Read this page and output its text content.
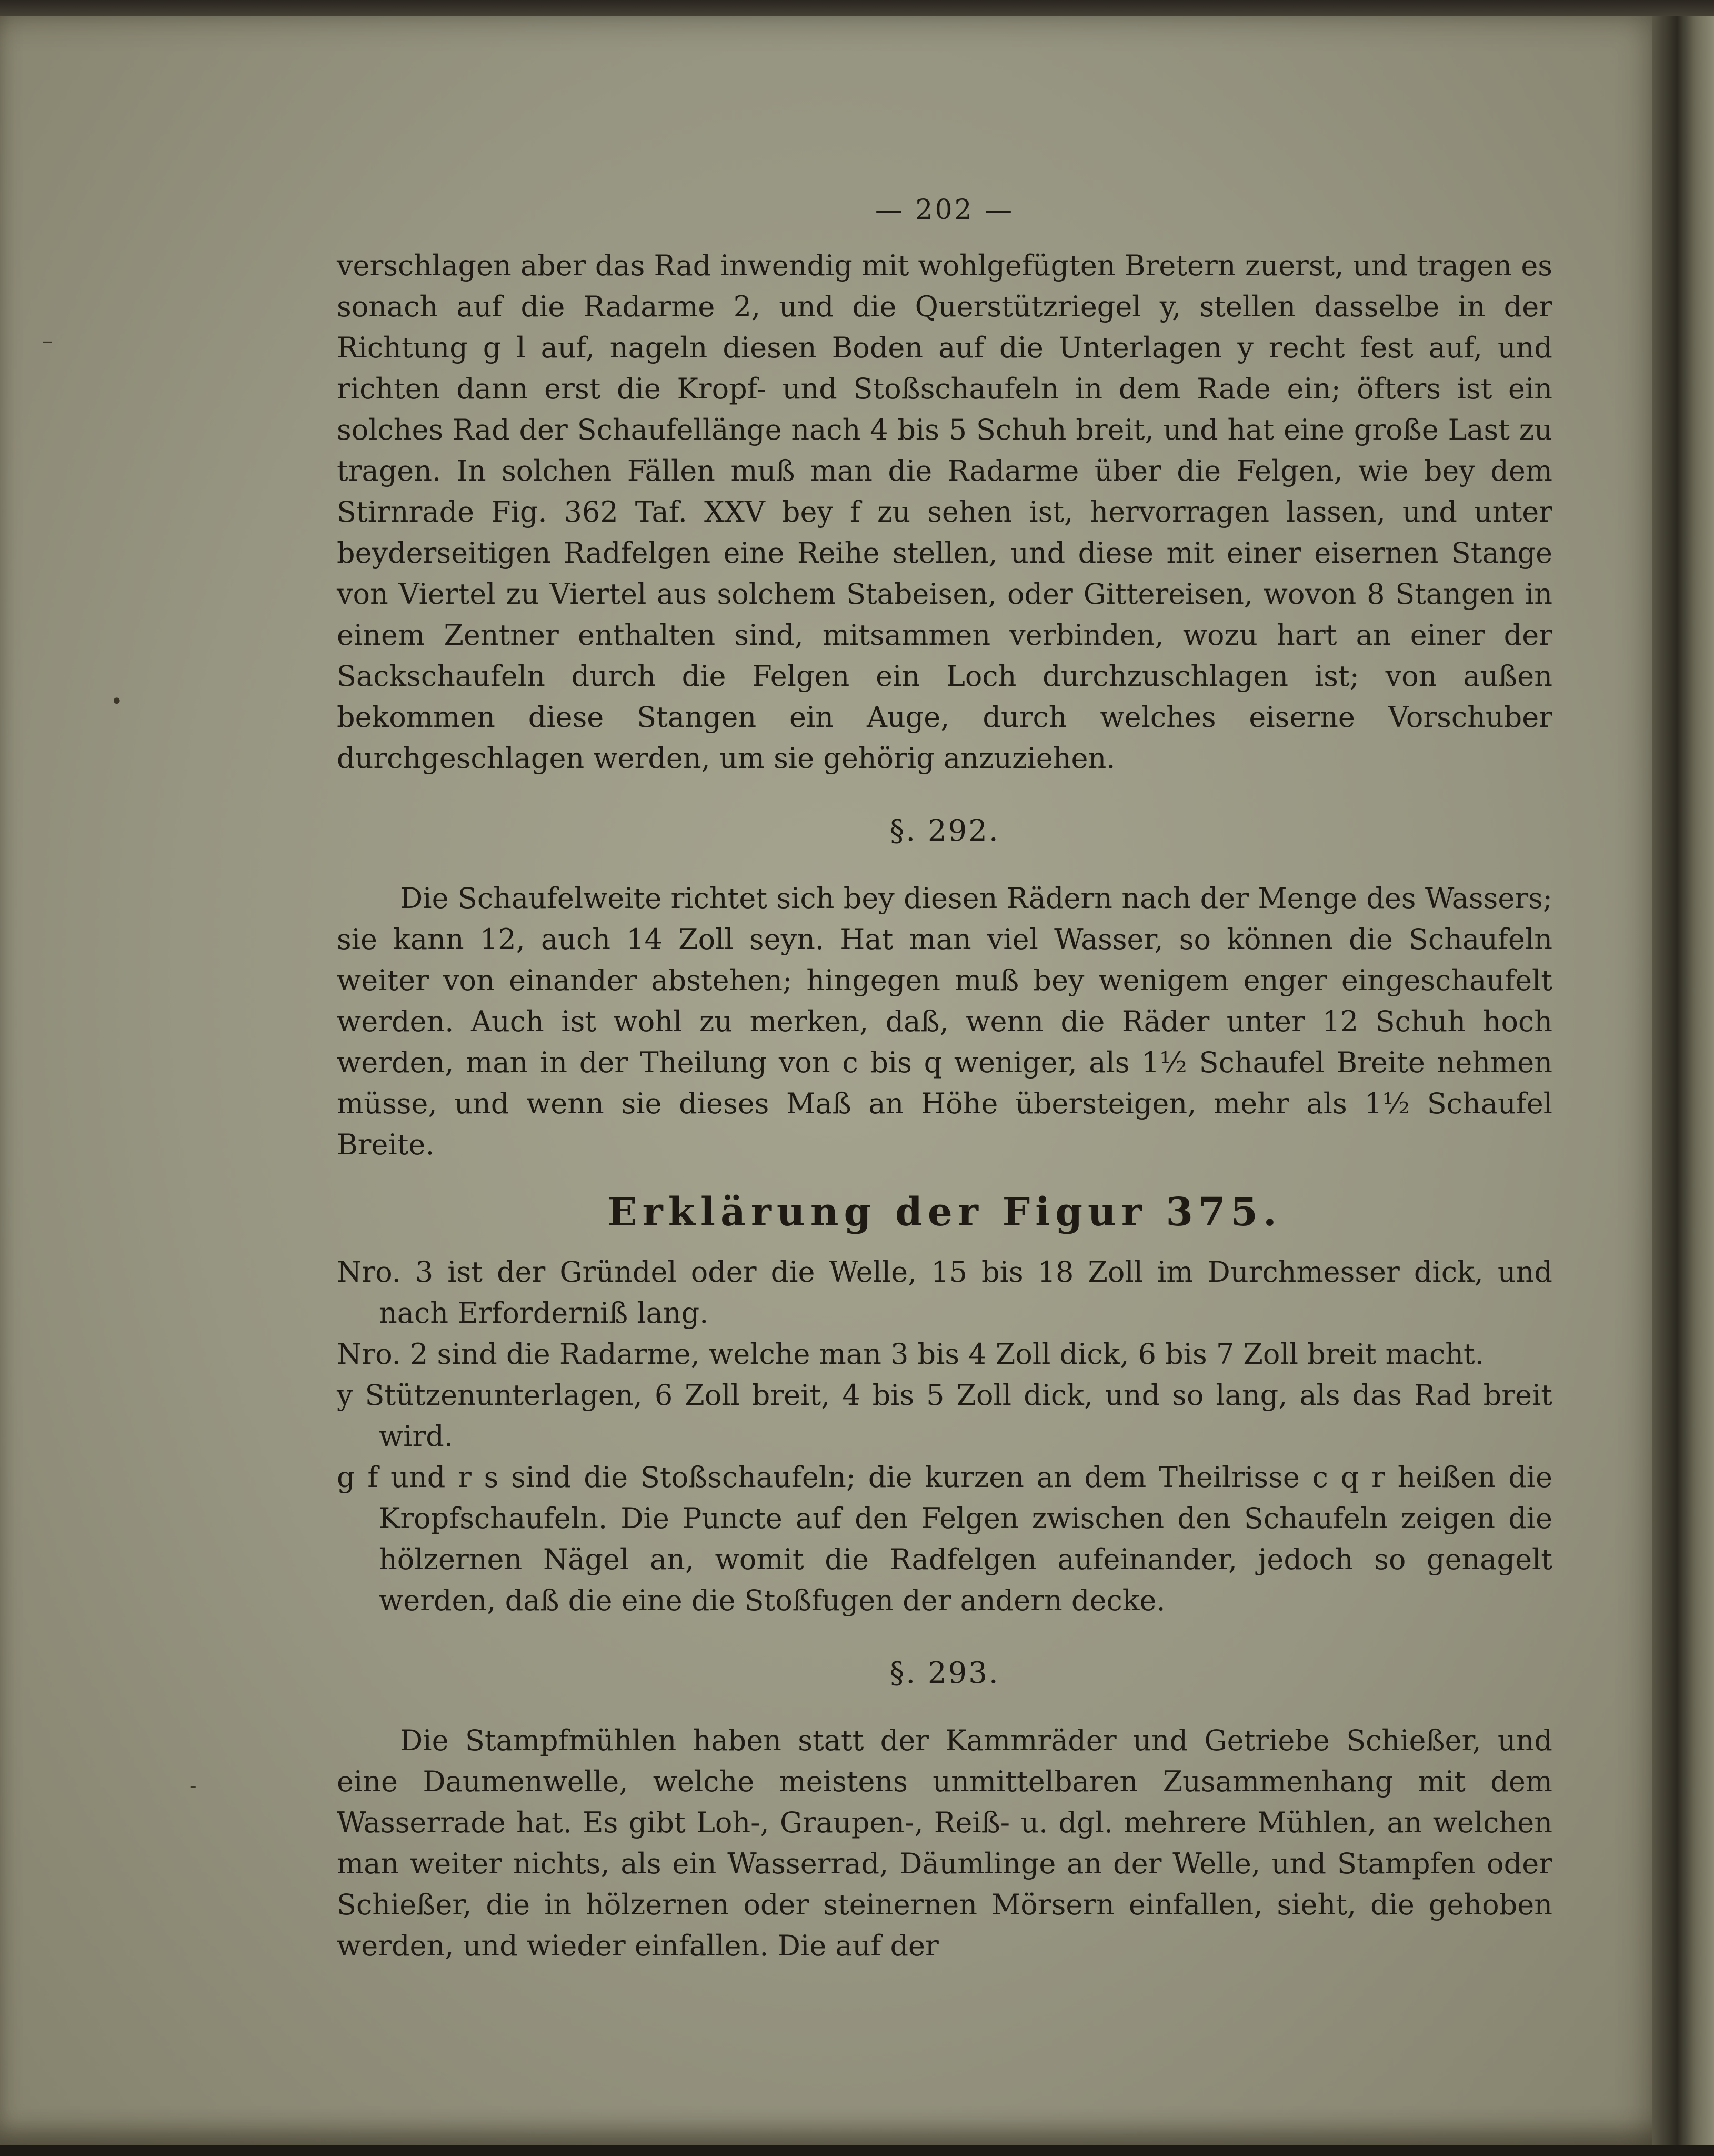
–
•
-
— 202 —

verschlagen aber das Rad inwendig mit wohlgefügten Bretern zuerst, und tragen es sonach auf die Radarme 2, und die Querstützriegel y, stellen dasselbe in der Richtung g l auf, nageln diesen Boden auf die Unterlagen y recht fest auf, und richten dann erst die Kropf- und Stoßschaufeln in dem Rade ein; öfters ist ein solches Rad der Schaufellänge nach 4 bis 5 Schuh breit, und hat eine große Last zu tragen. In solchen Fällen muß man die Radarme über die Felgen, wie bey dem Stirnrade Fig. 362 Taf. XXV bey f zu sehen ist, hervorragen lassen, und unter beyderseitigen Radfelgen eine Reihe stellen, und diese mit einer eisernen Stange von Viertel zu Viertel aus solchem Stabeisen, oder Gittereisen, wovon 8 Stangen in einem Zentner enthalten sind, mitsammen verbinden, wozu hart an einer der Sackschaufeln durch die Felgen ein Loch durchzuschlagen ist; von außen bekommen diese Stangen ein Auge, durch welches eiserne Vorschuber durchgeschlagen werden, um sie gehörig anzuziehen.

§. 292.

Die Schaufelweite richtet sich bey diesen Rädern nach der Menge des Wassers; sie kann 12, auch 14 Zoll seyn. Hat man viel Wasser, so können die Schaufeln weiter von einander abstehen; hingegen muß bey wenigem enger eingeschaufelt werden. Auch ist wohl zu merken, daß, wenn die Räder unter 12 Schuh hoch werden, man in der Theilung von c bis q weniger, als 1½ Schaufel Breite nehmen müsse, und wenn sie dieses Maß an Höhe übersteigen, mehr als 1½ Schaufel Breite.

Erklärung der Figur 375.

Nro. 3 ist der Gründel oder die Welle, 15 bis 18 Zoll im Durchmesser dick, und nach Erforderniß lang.

Nro. 2 sind die Radarme, welche man 3 bis 4 Zoll dick, 6 bis 7 Zoll breit macht.

y Stützenunterlagen, 6 Zoll breit, 4 bis 5 Zoll dick, und so lang, als das Rad breit wird.

g f und r s sind die Stoßschaufeln; die kurzen an dem Theilrisse c q r heißen die Kropfschaufeln. Die Puncte auf den Felgen zwischen den Schaufeln zeigen die hölzernen Nägel an, womit die Radfelgen aufeinander, jedoch so genagelt werden, daß die eine die Stoßfugen der andern decke.

§. 293.

Die Stampfmühlen haben statt der Kammräder und Getriebe Schießer, und eine Daumenwelle, welche meistens unmittelbaren Zusammenhang mit dem Wasserrade hat. Es gibt Loh-, Graupen-, Reiß- u. dgl. mehrere Mühlen, an welchen man weiter nichts, als ein Wasserrad, Däumlinge an der Welle, und Stampfen oder Schießer, die in hölzernen oder steinernen Mörsern einfallen, sieht, die gehoben werden, und wieder einfallen. Die auf der
